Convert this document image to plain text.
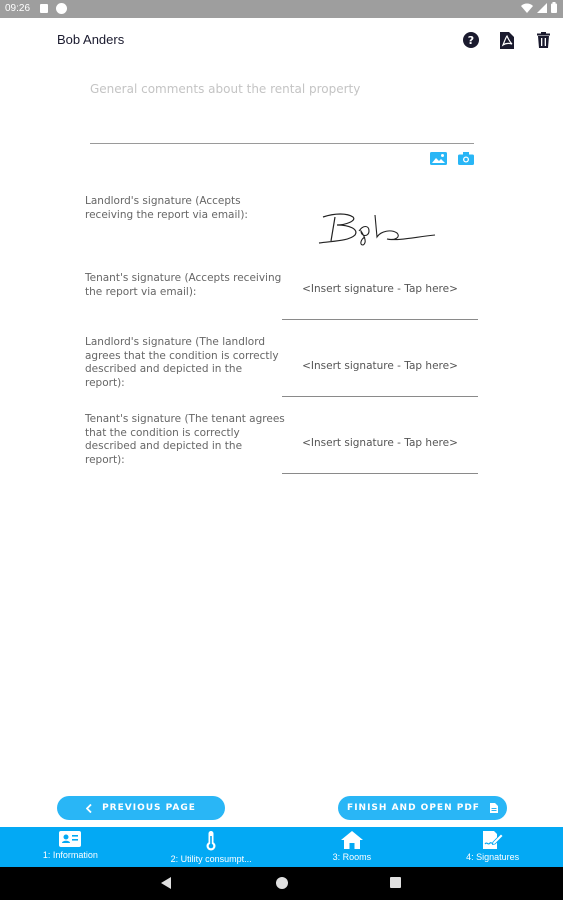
09:26
Bob Anders	?
General comments about the rental property
Landlord's signature (Accepts receiving the report via email):
Tenant's signature (Accepts receiving the report via email):	<Insert signature - Tap here>
Landlord's signature (The landlord agrees that the condition is correctly described and depicted in the report):
<Insert signature - Tap here>
Tenant's signature (The tenant agrees that the condition is correctly described and depicted in the report):
<Insert signature - Tap here>
PREVIOUS PAGE	FINISH AND OPEN PDF
1: Information	2: Utility consumpt...	3: Rooms	4: Signatures
